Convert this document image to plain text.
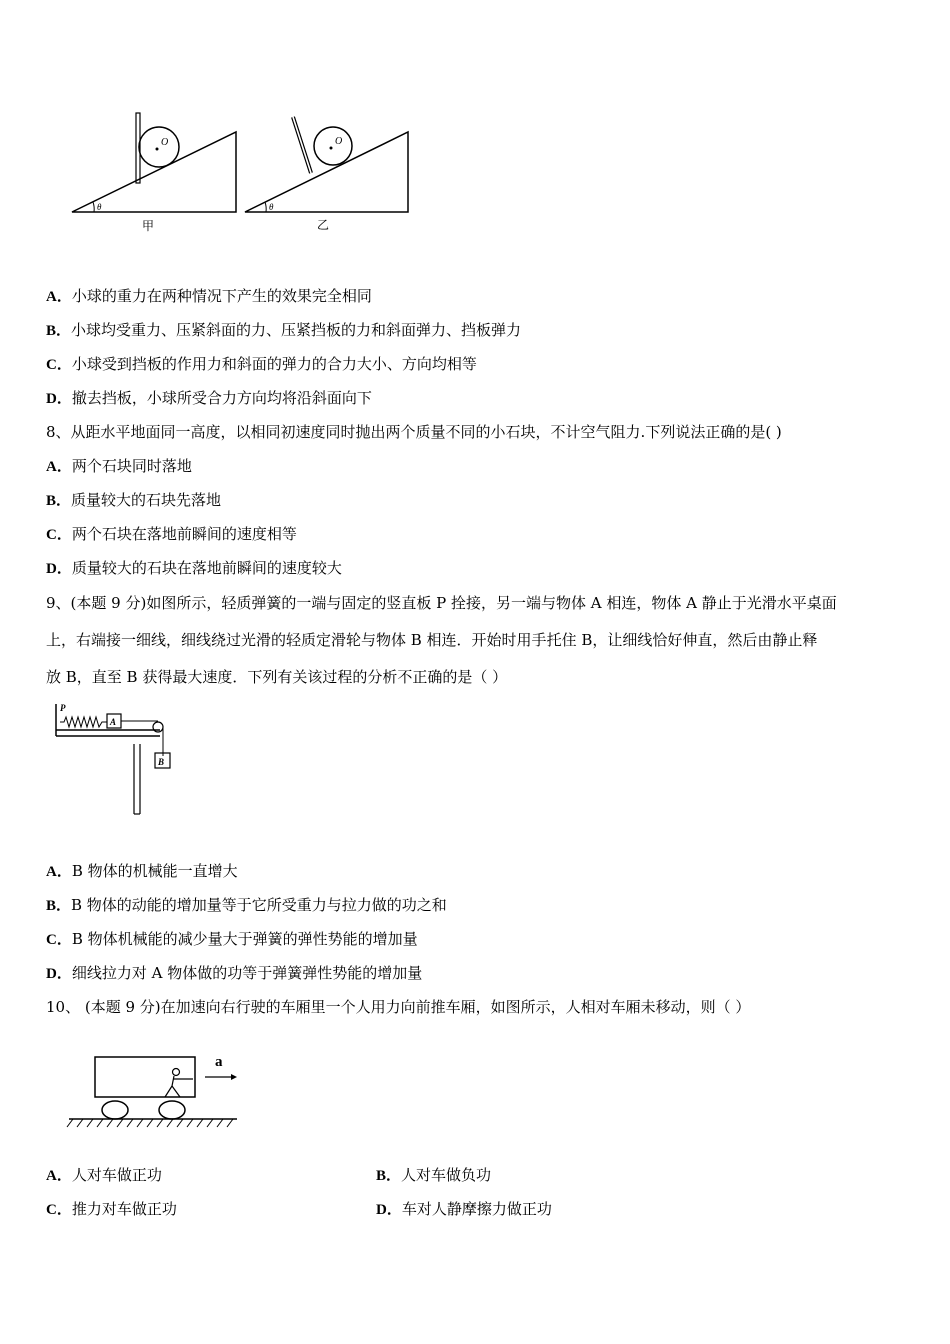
O
θ
甲
O
θ
乙
A．小球的重力在两种情况下产生的效果完全相同
B．小球均受重力、压紧斜面的力、压紧挡板的力和斜面弹力、挡板弹力
C．小球受到挡板的作用力和斜面的弹力的合力大小、方向均相等
D．撤去挡板，小球所受合力方向均将沿斜面向下
8、从距水平地面同一高度，以相同初速度同时抛出两个质量不同的小石块，不计空气阻力.下列说法正确的是( )
A．两个石块同时落地
B．质量较大的石块先落地
C．两个石块在落地前瞬间的速度相等
D．质量较大的石块在落地前瞬间的速度较大
9、(本题 9 分)如图所示，轻质弹簧的一端与固定的竖直板 P 拴接，另一端与物体 A 相连，物体 A 静止于光滑水平桌面
上，右端接一细线，细线绕过光滑的轻质定滑轮与物体 B 相连．开始时用手托住 B，让细线恰好伸直，然后由静止释
放 B，直至 B 获得最大速度．下列有关该过程的分析不正确的是（ ）
P
A
B
A．B 物体的机械能一直增大
B．B 物体的动能的增加量等于它所受重力与拉力做的功之和
C．B 物体机械能的减少量大于弹簧的弹性势能的增加量
D．细线拉力对 A 物体做的功等于弹簧弹性势能的增加量
10、 (本题 9 分)在加速向右行驶的车厢里一个人用力向前推车厢，如图所示，人相对车厢未移动，则（ ）
a
A．人对车做正功	B．人对车做负功
C．推力对车做正功	D．车对人静摩擦力做正功
